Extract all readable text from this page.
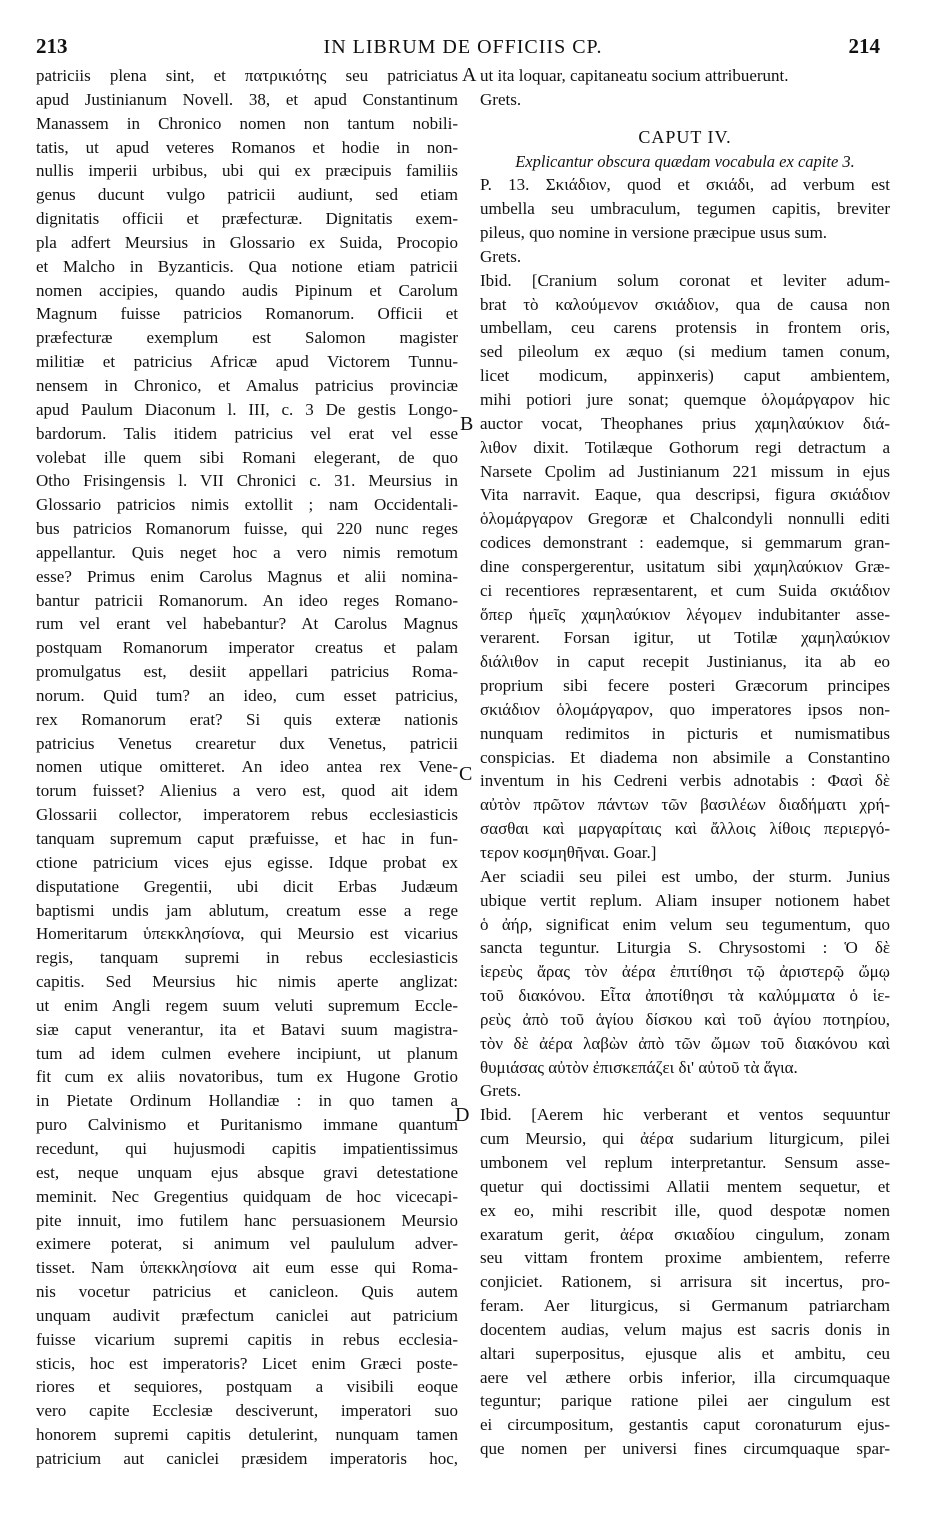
213	IN LIBRUM DE OFFICIIS CP.	214
patriciis plena sint, et πατρικιότης seu patriciatus
apud Justinianum Novell. 38, et apud Constantinum
Manassem in Chronico nomen non tantum nobili-
tatis, ut apud veteres Romanos et hodie in non-
nullis imperii urbibus, ubi qui ex præcipuis familiis
genus ducunt vulgo patricii audiunt, sed etiam
dignitatis officii et præfecturæ. Dignitatis exem-
pla adfert Meursius in Glossario ex Suida, Procopio
et Malcho in Byzanticis. Qua notione etiam patricii
nomen accipies, quando audis Pipinum et Carolum
Magnum fuisse patricios Romanorum. Officii et
præfecturæ exemplum est Salomon magister
militiæ et patricius Africæ apud Victorem Tunnu-
nensem in Chronico, et Amalus patricius provinciæ
apud Paulum Diaconum l. III, c. 3 De gestis Longo-
bardorum. Talis itidem patricius vel erat vel esse
volebat ille quem sibi Romani elegerant, de quo
Otho Frisingensis l. VII Chronici c. 31. Meursius in
Glossario patricios nimis extollit ; nam Occidentali-
bus patricios Romanorum fuisse, qui 220 nunc reges
appellantur. Quis neget hoc a vero nimis remotum
esse? Primus enim Carolus Magnus et alii nomina-
bantur patricii Romanorum. An ideo reges Romano-
rum vel erant vel habebantur? At Carolus Magnus
postquam Romanorum imperator creatus et palam
promulgatus est, desiit appellari patricius Roma-
norum. Quid tum? an ideo, cum esset patricius,
rex Romanorum erat? Si quis exteræ nationis
patricius Venetus crearetur dux Venetus, patricii
nomen utique omitteret. An ideo antea rex Vene-
torum fuisset? Alienius a vero est, quod ait idem
Glossarii collector, imperatorem rebus ecclesiasticis
tanquam supremum caput præfuisse, et hac in fun-
ctione patricium vices ejus egisse. Idque probat ex
disputatione Gregentii, ubi dicit Erbas Judæum
baptismi undis jam ablutum, creatum esse a rege
Homeritarum ὑπεκκλησίονα, qui Meursio est vicarius
regis, tanquam supremi in rebus ecclesiasticis
capitis. Sed Meursius hic nimis aperte anglizat:
ut enim Angli regem suum veluti supremum Eccle-
siæ caput venerantur, ita et Batavi suum magistra-
tum ad idem culmen evehere incipiunt, ut planum
fit cum ex aliis novatoribus, tum ex Hugone Grotio
in Pietate Ordinum Hollandiæ : in quo tamen a
puro Calvinismo et Puritanismo immane quantum
recedunt, qui hujusmodi capitis impatientissimus
est, neque unquam ejus absque gravi detestatione
meminit. Nec Gregentius quidquam de hoc vicecapi-
pite innuit, imo futilem hanc persuasionem Meursio
eximere poterat, si animum vel paululum adver-
tisset. Nam ὑπεκκλησίονα ait eum esse qui Roma-
nis vocetur patricius et canicleon. Quis autem
unquam audivit præfectum caniclei aut patricium
fuisse vicarium supremi capitis in rebus ecclesia-
sticis, hoc est imperatoris? Licet enim Græci poste-
riores et sequiores, postquam a visibili eoque
vero capite Ecclesiæ desciverunt, imperatori suo
honorem supremi capitis detulerint, nunquam tamen
patricium aut caniclei præsidem imperatoris hoc,
ut ita loquar, capitaneatu socium attribuerunt.
Grets.
CAPUT IV.
Explicantur obscura quædam vocabula ex capite 3.
P. 13. Σκιάδιον, quod et σκιάδι, ad verbum est
umbella seu umbraculum, tegumen capitis, breviter
pileus, quo nomine in versione præcipue usus sum.
Grets.
Ibid. [Cranium solum coronat et leviter adum-
brat τὸ καλούμενον σκιάδιον, qua de causa non
umbellam, ceu carens protensis in frontem oris,
sed pileolum ex æquo (si medium tamen conum,
licet modicum, appinxeris) caput ambientem,
mihi potiori jure sonat; quemque ὁλομάργαρον hic
auctor vocat, Theophanes prius χαμηλαύκιον διά-
λιθον dixit. Totilæque Gothorum regi detractum a
Narsete Cpolim ad Justinianum 221 missum in ejus
Vita narravit. Eaque, qua descripsi, figura σκιάδιον
ὁλομάργαρον Gregoræ et Chalcondyli nonnulli editi
codices demonstrant : eademque, si gemmarum gran-
dine conspergerentur, usitatum sibi χαμηλαύκιον Græ-
ci recentiores repræsentarent, et cum Suida σκιάδιον
ὅπερ ἡμεῖς χαμηλαύκιον λέγομεν indubitanter asse-
verarent. Forsan igitur, ut Totilæ χαμηλαύκιον
διάλιθον in caput recepit Justinianus, ita ab eo
proprium sibi fecere posteri Græcorum principes
σκιάδιον ὁλομάργαρον, quo imperatores ipsos non-
nunquam redimitos in picturis et numismatibus
conspicias. Et diadema non absimile a Constantino
inventum in his Cedreni verbis adnotabis : Φασὶ δὲ
αὐτὸν πρῶτον πάντων τῶν βασιλέων διαδήματι χρή-
σασθαι καὶ μαργαρίταις καὶ ἄλλοις λίθοις περιεργό-
τερον κοσμηθῆναι. Goar.]
Aer sciadii seu pilei est umbo, der sturm. Junius
ubique vertit replum. Aliam insuper notionem habet
ὁ ἀήρ, significat enim velum seu tegumentum, quo
sancta teguntur. Liturgia S. Chrysostomi : Ὁ δὲ
ἱερεὺς ἄρας τὸν ἀέρα ἐπιτίθησι τῷ ἀριστερῷ ὤμῳ
τοῦ διακόνου. Εἶτα ἀποτίθησι τὰ καλύμματα ὁ ἱε-
ρεὺς ἀπὸ τοῦ ἁγίου δίσκου καὶ τοῦ ἁγίου ποτηρίου,
τὸν δὲ ἀέρα λαβὼν ἀπὸ τῶν ὤμων τοῦ διακόνου καὶ
θυμιάσας αὐτὸν ἐπισκεπάζει δι' αὐτοῦ τὰ ἅγια.
Grets.
Ibid. [Aerem hic verberant et ventos sequuntur
cum Meursio, qui ἀέρα sudarium liturgicum, pilei
umbonem vel replum interpretantur. Sensum asse-
quetur qui doctissimi Allatii mentem sequetur, et
ex eo, mihi rescribit ille, quod despotæ nomen
exaratum gerit, ἀέρα σκιαδίου cingulum, zonam
seu vittam frontem proxime ambientem, referre
conjiciet. Rationem, si arrisura sit incertus, pro-
feram. Aer liturgicus, si Germanum patriarcham
docentem audias, velum majus est sacris donis in
altari superpositus, ejusque alis et ambitu, ceu
aere vel æthere orbis inferior, illa circumquaque
teguntur; parique ratione pilei aer cingulum est
ei circumpositum, gestantis caput coronaturum ejus-
que nomen per universi fines circumquaque spar-
A
B
C
D
